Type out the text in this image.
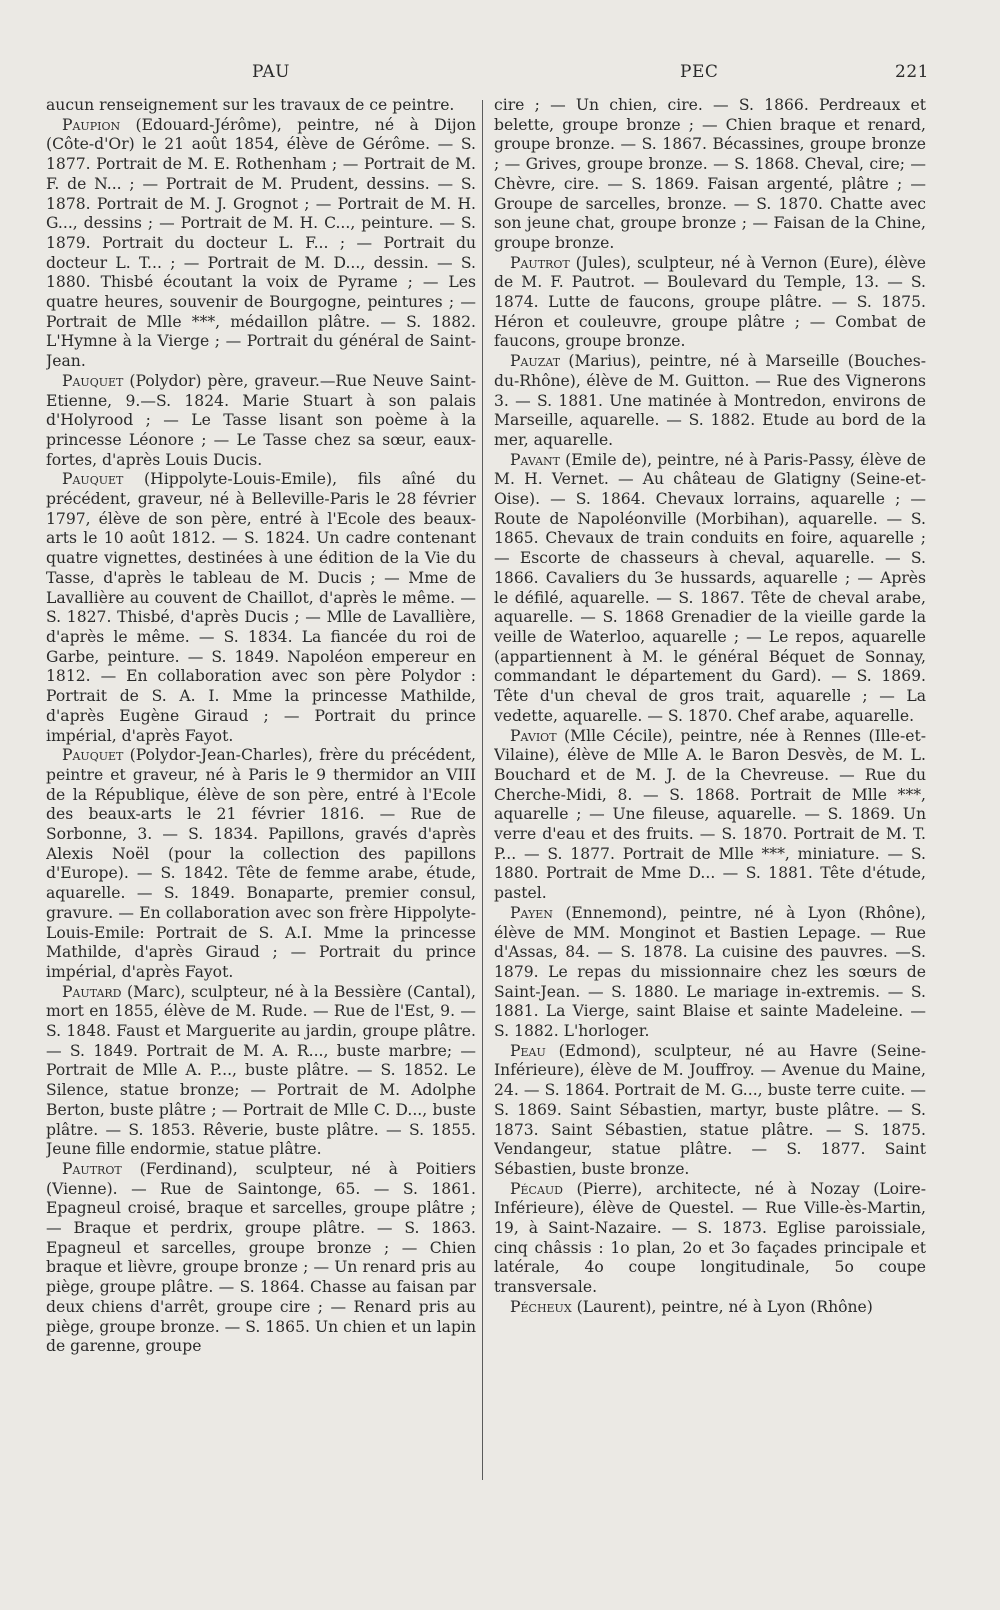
PAU	PEC	221

aucun renseignement sur les travaux de ce peintre.

Paupion (Edouard-Jérôme), peintre, né à Dijon (Côte-d'Or) le 21 août 1854, élève de Gérôme. — S. 1877. Portrait de M. E. Rothenham ; — Portrait de M. F. de N... ; — Portrait de M. Prudent, dessins. — S. 1878. Portrait de M. J. Grognot ; — Portrait de M. H. G..., dessins ; — Portrait de M. H. C..., peinture. — S. 1879. Portrait du docteur L. F... ; — Portrait du docteur L. T... ; — Portrait de M. D..., dessin. — S. 1880. Thisbé écoutant la voix de Pyrame ; — Les quatre heures, souvenir de Bourgogne, peintures ; — Portrait de Mlle ***, médaillon plâtre. — S. 1882. L'Hymne à la Vierge ; — Portrait du général de Saint-Jean.

Pauquet (Polydor) père, graveur.—Rue Neuve Saint-Etienne, 9.—S. 1824. Marie Stuart à son palais d'Holyrood ; — Le Tasse lisant son poème à la princesse Léonore ; — Le Tasse chez sa sœur, eaux-fortes, d'après Louis Ducis.

Pauquet (Hippolyte-Louis-Emile), fils aîné du précédent, graveur, né à Belleville-Paris le 28 février 1797, élève de son père, entré à l'Ecole des beaux-arts le 10 août 1812. — S. 1824. Un cadre contenant quatre vignettes, destinées à une édition de la Vie du Tasse, d'après le tableau de M. Ducis ; — Mme de Lavallière au couvent de Chaillot, d'après le même. — S. 1827. Thisbé, d'après Ducis ; — Mlle de Lavallière, d'après le même. — S. 1834. La fiancée du roi de Garbe, peinture. — S. 1849. Napoléon empereur en 1812. — En collaboration avec son père Polydor : Portrait de S. A. I. Mme la princesse Mathilde, d'après Eugène Giraud ; — Portrait du prince impérial, d'après Fayot.

Pauquet (Polydor-Jean-Charles), frère du précédent, peintre et graveur, né à Paris le 9 thermidor an VIII de la République, élève de son père, entré à l'Ecole des beaux-arts le 21 février 1816. — Rue de Sorbonne, 3. — S. 1834. Papillons, gravés d'après Alexis Noël (pour la collection des papillons d'Europe). — S. 1842. Tête de femme arabe, étude, aquarelle. — S. 1849. Bonaparte, premier consul, gravure. — En collaboration avec son frère Hippolyte-Louis-Emile: Portrait de S. A.I. Mme la princesse Mathilde, d'après Giraud ; — Portrait du prince impérial, d'après Fayot.

Pautard (Marc), sculpteur, né à la Bessière (Cantal), mort en 1855, élève de M. Rude. — Rue de l'Est, 9. — S. 1848. Faust et Marguerite au jardin, groupe plâtre. — S. 1849. Portrait de M. A. R..., buste marbre; — Portrait de Mlle A. P..., buste plâtre. — S. 1852. Le Silence, statue bronze; — Portrait de M. Adolphe Berton, buste plâtre ; — Portrait de Mlle C. D..., buste plâtre. — S. 1853. Rêverie, buste plâtre. — S. 1855. Jeune fille endormie, statue plâtre.

Pautrot (Ferdinand), sculpteur, né à Poitiers (Vienne). — Rue de Saintonge, 65. — S. 1861. Epagneul croisé, braque et sarcelles, groupe plâtre ; — Braque et perdrix, groupe plâtre. — S. 1863. Epagneul et sarcelles, groupe bronze ; — Chien braque et lièvre, groupe bronze ; — Un renard pris au piège, groupe plâtre. — S. 1864. Chasse au faisan par deux chiens d'arrêt, groupe cire ; — Renard pris au piège, groupe bronze. — S. 1865. Un chien et un lapin de garenne, groupe

cire ; — Un chien, cire. — S. 1866. Perdreaux et belette, groupe bronze ; — Chien braque et renard, groupe bronze. — S. 1867. Bécassines, groupe bronze ; — Grives, groupe bronze. — S. 1868. Cheval, cire; — Chèvre, cire. — S. 1869. Faisan argenté, plâtre ; — Groupe de sarcelles, bronze. — S. 1870. Chatte avec son jeune chat, groupe bronze ; — Faisan de la Chine, groupe bronze.

Pautrot (Jules), sculpteur, né à Vernon (Eure), élève de M. F. Pautrot. — Boulevard du Temple, 13. — S. 1874. Lutte de faucons, groupe plâtre. — S. 1875. Héron et couleuvre, groupe plâtre ; — Combat de faucons, groupe bronze.

Pauzat (Marius), peintre, né à Marseille (Bouches-du-Rhône), élève de M. Guitton. — Rue des Vignerons 3. — S. 1881. Une matinée à Montredon, environs de Marseille, aquarelle. — S. 1882. Etude au bord de la mer, aquarelle.

Pavant (Emile de), peintre, né à Paris-Passy, élève de M. H. Vernet. — Au château de Glatigny (Seine-et-Oise). — S. 1864. Chevaux lorrains, aquarelle ; — Route de Napoléonville (Morbihan), aquarelle. — S. 1865. Chevaux de train conduits en foire, aquarelle ; — Escorte de chasseurs à cheval, aquarelle. — S. 1866. Cavaliers du 3e hussards, aquarelle ; — Après le défilé, aquarelle. — S. 1867. Tête de cheval arabe, aquarelle. — S. 1868 Grenadier de la vieille garde la veille de Waterloo, aquarelle ; — Le repos, aquarelle (appartiennent à M. le général Béquet de Sonnay, commandant le département du Gard). — S. 1869. Tête d'un cheval de gros trait, aquarelle ; — La vedette, aquarelle. — S. 1870. Chef arabe, aquarelle.

Paviot (Mlle Cécile), peintre, née à Rennes (Ille-et-Vilaine), élève de Mlle A. le Baron Desvès, de M. L. Bouchard et de M. J. de la Chevreuse. — Rue du Cherche-Midi, 8. — S. 1868. Portrait de Mlle ***, aquarelle ; — Une fileuse, aquarelle. — S. 1869. Un verre d'eau et des fruits. — S. 1870. Portrait de M. T. P... — S. 1877. Portrait de Mlle ***, miniature. — S. 1880. Portrait de Mme D... — S. 1881. Tête d'étude, pastel.

Payen (Ennemond), peintre, né à Lyon (Rhône), élève de MM. Monginot et Bastien Lepage. — Rue d'Assas, 84. — S. 1878. La cuisine des pauvres. —S. 1879. Le repas du missionnaire chez les sœurs de Saint-Jean. — S. 1880. Le mariage in-extremis. — S. 1881. La Vierge, saint Blaise et sainte Madeleine. — S. 1882. L'horloger.

Peau (Edmond), sculpteur, né au Havre (Seine-Inférieure), élève de M. Jouffroy. — Avenue du Maine, 24. — S. 1864. Portrait de M. G..., buste terre cuite. — S. 1869. Saint Sébastien, martyr, buste plâtre. — S. 1873. Saint Sébastien, statue plâtre. — S. 1875. Vendangeur, statue plâtre. — S. 1877. Saint Sébastien, buste bronze.

Pécaud (Pierre), architecte, né à Nozay (Loire-Inférieure), élève de Questel. — Rue Ville-ès-Martin, 19, à Saint-Nazaire. — S. 1873. Eglise paroissiale, cinq châssis : 1o plan, 2o et 3o façades principale et latérale, 4o coupe longitudinale, 5o coupe transversale.

Pécheux (Laurent), peintre, né à Lyon (Rhône)
